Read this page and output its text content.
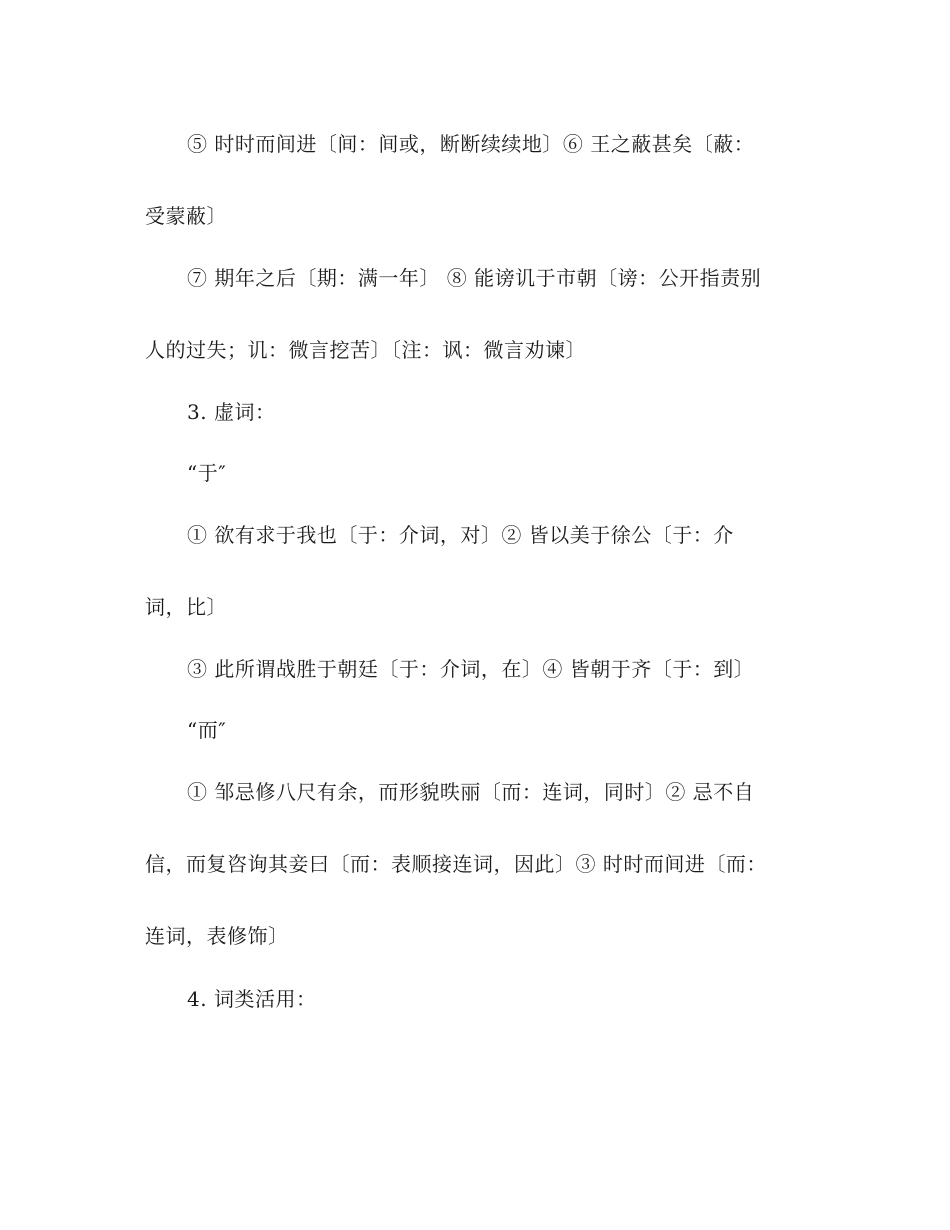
⑤ 时时而间进〔间：间或，断断续续地〕⑥ 王之蔽甚矣〔蔽：
受蒙蔽〕
⑦ 期年之后〔期：满一年〕 ⑧ 能谤讥于市朝〔谤：公开指责别
人的过失；讥：微言挖苦〕〔注：讽：微言劝谏〕
3. 虚词：
“于″
① 欲有求于我也〔于：介词，对〕② 皆以美于徐公〔于：介
词，比〕
③ 此所谓战胜于朝廷〔于：介词，在〕④ 皆朝于齐〔于：到〕
“而″
① 邹忌修八尺有余，而形貌昳丽〔而：连词，同时〕② 忌不自
信，而复咨询其妾曰〔而：表顺接连词，因此〕③ 时时而间进〔而：
连词，表修饰〕
4. 词类活用：
